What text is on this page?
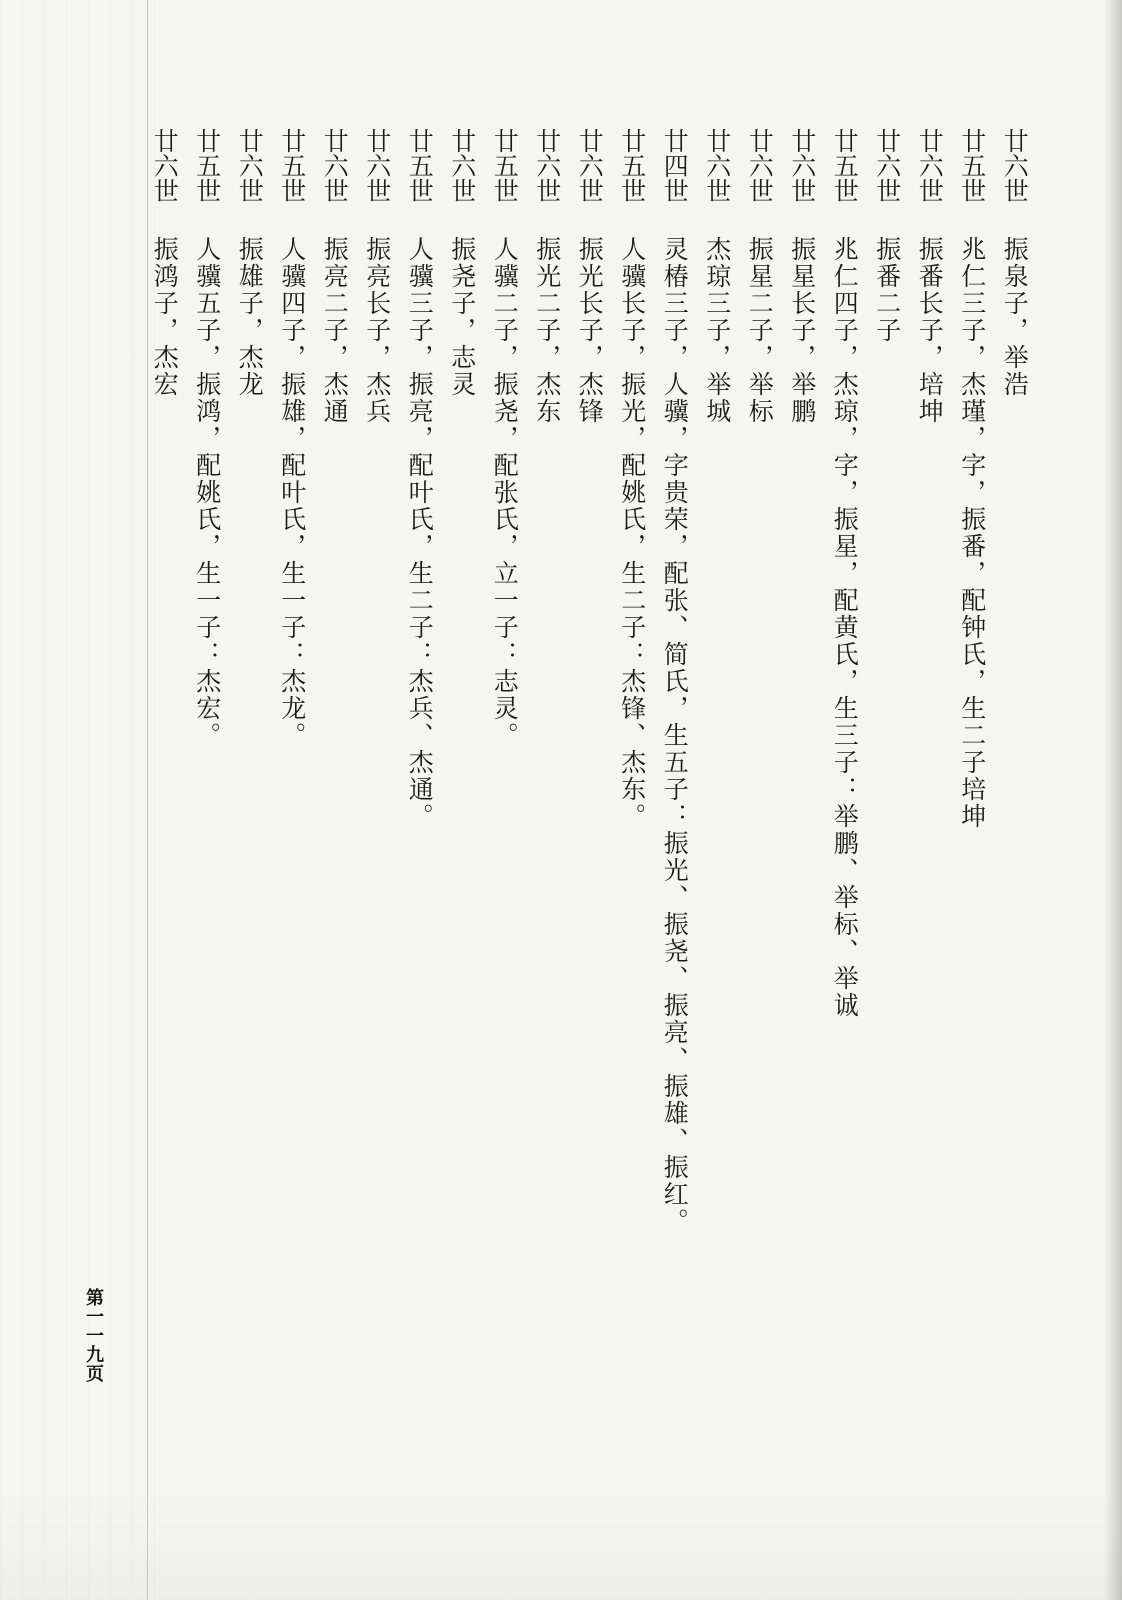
廿六世
振泉子，举浩
廿五世
兆仁三子，杰瑾，字，振番，配钟氏，生二子培坤
廿六世
振番长子，培坤
廿六世
振番二子
廿五世
兆仁四子，杰琼，字，振星，配黄氏，生三子：举鹏、举标、举诚
廿六世
振星长子，举鹏
廿六世
振星二子，举标
廿六世
杰琼三子，举城
廿四世
灵椿三子，人骥，字贵荣，配张、简氏，生五子：振光、振尧、振亮、振雄、振红。
廿五世
人骥长子，振光，配姚氏，生二子：杰锋、杰东。
廿六世
振光长子，杰锋
廿六世
振光二子，杰东
廿五世
人骥二子，振尧，配张氏，立一子：志灵。
廿六世
振尧子，志灵
廿五世
人骥三子，振亮，配叶氏，生二子：杰兵、杰通。
廿六世
振亮长子，杰兵
廿六世
振亮二子，杰通
廿五世
人骥四子，振雄，配叶氏，生一子：杰龙。
廿六世
振雄子，杰龙
廿五世
人骥五子，振鸿，配姚氏，生一子：杰宏。
廿六世
振鸿子，杰宏
第一一九页
